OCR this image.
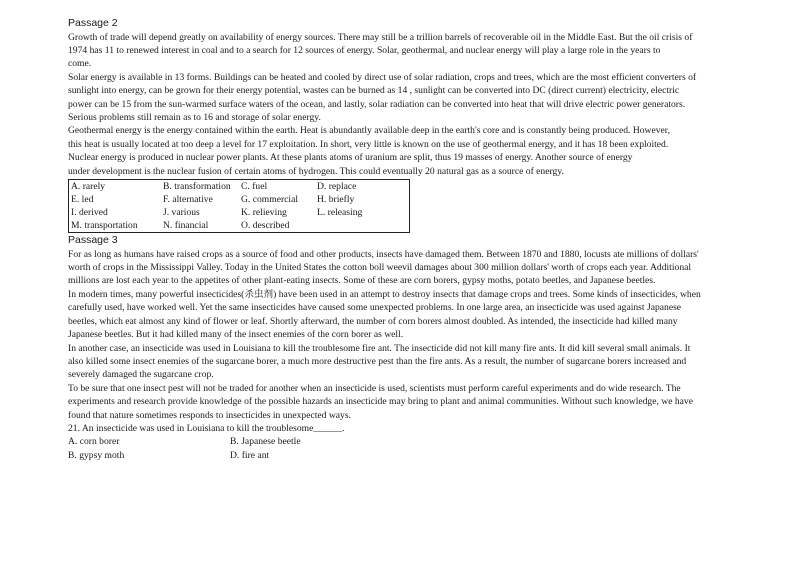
Passage 2
Growth of trade will depend greatly on availability of energy sources. There may still be a trillion barrels of recoverable oil in the Middle East. But the oil crisis of
1974 has 11 to renewed interest in coal and to a search for 12 sources of energy. Solar, geothermal, and nuclear energy will play a large role in the years to
come.
Solar energy is available in 13 forms. Buildings can be heated and cooled by direct use of solar radiation, crops and trees, which are the most efficient converters of
sunlight into energy, can be grown for their energy potential, wastes can be burned as 14 , sunlight can be converted into DC (direct current) electricity, electric
power can be 15 from the sun-warmed surface waters of the ocean, and lastly, solar radiation can be converted into heat that will drive electric power generators.
Serious problems still remain as to 16 and storage of solar energy.
Geothermal energy is the energy contained within the earth. Heat is abundantly available deep in the earth's core and is constantly being produced. However,
this heat is usually located at too deep a level for 17 exploitation. In short, very little is known on the use of geothermal energy, and it has 18 been exploited.
Nuclear energy is produced in nuclear power plants. At these plants atoms of uranium are split, thus 19 masses of energy. Another source of energy
under development is the nuclear fusion of certain atoms of hydrogen. This could eventually 20 natural gas as a source of energy.
A. rarely	B. transformation	C. fuel	D. replace
E. led	F. alternative	G. commercial	H. briefly
I. derived	J. various	K. relieving	L. releasing
M. transportation	N. financial	O. described	
Passage 3
For as long as humans have raised crops as a source of food and other products, insects have damaged them. Between 1870 and 1880, locusts ate millions of dollars'
worth of crops in the Mississippi Valley. Today in the United States the cotton boll weevil damages about 300 million dollars' worth of crops each year. Additional
millions are lost each year to the appetites of other plant-eating insects. Some of these are corn borers, gypsy moths, potato beetles, and Japanese beetles.
In modern times, many powerful insecticides(杀虫剂) have been used in an attempt to destroy insects that damage crops and trees. Some kinds of insecticides, when
carefully used, have worked well. Yet the same insecticides have caused some unexpected problems. In one large area, an insecticide was used against Japanese
beetles, which eat almost any kind of flower or leaf. Shortly afterward, the number of corn borers almost doubled. As intended, the insecticide had killed many
Japanese beetles. But it had killed many of the insect enemies of the corn borer as well.
In another case, an insecticide was used in Louisiana to kill the troublesome fire ant. The insecticide did not kill many fire ants. It did kill several small animals. It
also killed some insect enemies of the sugarcane borer, a much more destructive pest than the fire ants. As a result, the number of sugarcane borers increased and
severely damaged the sugarcane crop.
To be sure that one insect pest will not be traded for another when an insecticide is used, scientists must perform careful experiments and do wide research. The
experiments and research provide knowledge of the possible hazards an insecticide may bring to plant and animal communities. Without such knowledge, we have
found that nature sometimes responds to insecticides in unexpected ways.
21. An insecticide was used in Louisiana to kill the troublesome______.
A. corn borer	B. Japanese beetle
B. gypsy moth	D. fire ant
